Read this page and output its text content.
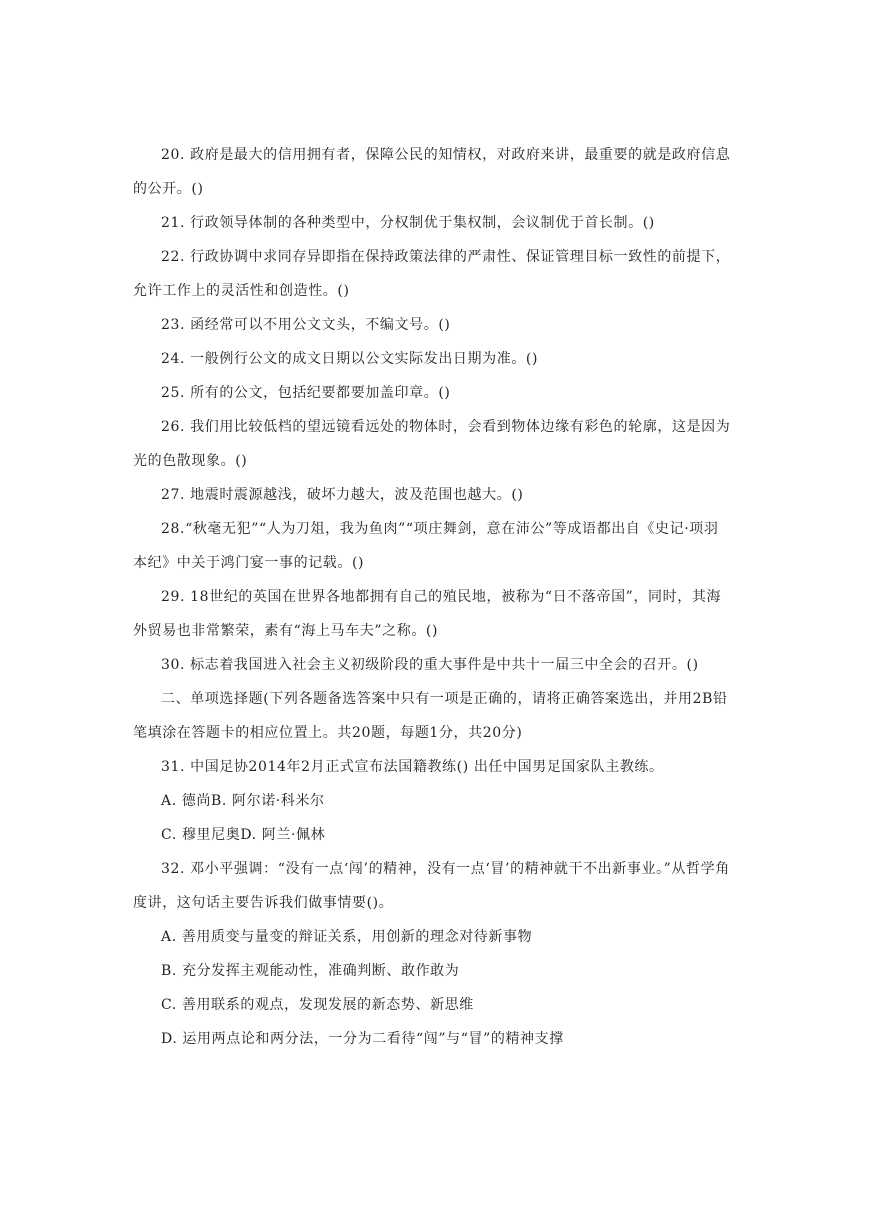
20. 政府是最大的信用拥有者，保障公民的知情权，对政府来讲，最重要的就是政府信息的公开。()

21. 行政领导体制的各种类型中，分权制优于集权制，会议制优于首长制。()

22. 行政协调中求同存异即指在保持政策法律的严肃性、保证管理目标一致性的前提下，允许工作上的灵活性和创造性。()

23. 函经常可以不用公文文头，不编文号。()

24. 一般例行公文的成文日期以公文实际发出日期为准。()

25. 所有的公文，包括纪要都要加盖印章。()

26. 我们用比较低档的望远镜看远处的物体时，会看到物体边缘有彩色的轮廓，这是因为光的色散现象。()

27. 地震时震源越浅，破坏力越大，波及范围也越大。()

28.“秋毫无犯”“人为刀俎，我为鱼肉”“项庄舞剑，意在沛公”等成语都出自《史记·项羽本纪》中关于鸿门宴一事的记载。()

29. 18世纪的英国在世界各地都拥有自己的殖民地，被称为“日不落帝国”，同时，其海外贸易也非常繁荣，素有“海上马车夫”之称。()

30. 标志着我国进入社会主义初级阶段的重大事件是中共十一届三中全会的召开。()

二、单项选择题(下列各题备选答案中只有一项是正确的，请将正确答案选出，并用2B铅笔填涂在答题卡的相应位置上。共20题，每题1分，共20分)

31. 中国足协2014年2月正式宣布法国籍教练() 出任中国男足国家队主教练。

A. 德尚B. 阿尔诺·科米尔

C. 穆里尼奥D. 阿兰·佩林

32. 邓小平强调：“没有一点‘闯’的精神，没有一点‘冒’的精神就干不出新事业。”从哲学角度讲，这句话主要告诉我们做事情要()。

A. 善用质变与量变的辩证关系，用创新的理念对待新事物

B. 充分发挥主观能动性，准确判断、敢作敢为

C. 善用联系的观点，发现发展的新态势、新思维

D. 运用两点论和两分法，一分为二看待“闯”与“冒”的精神支撑
